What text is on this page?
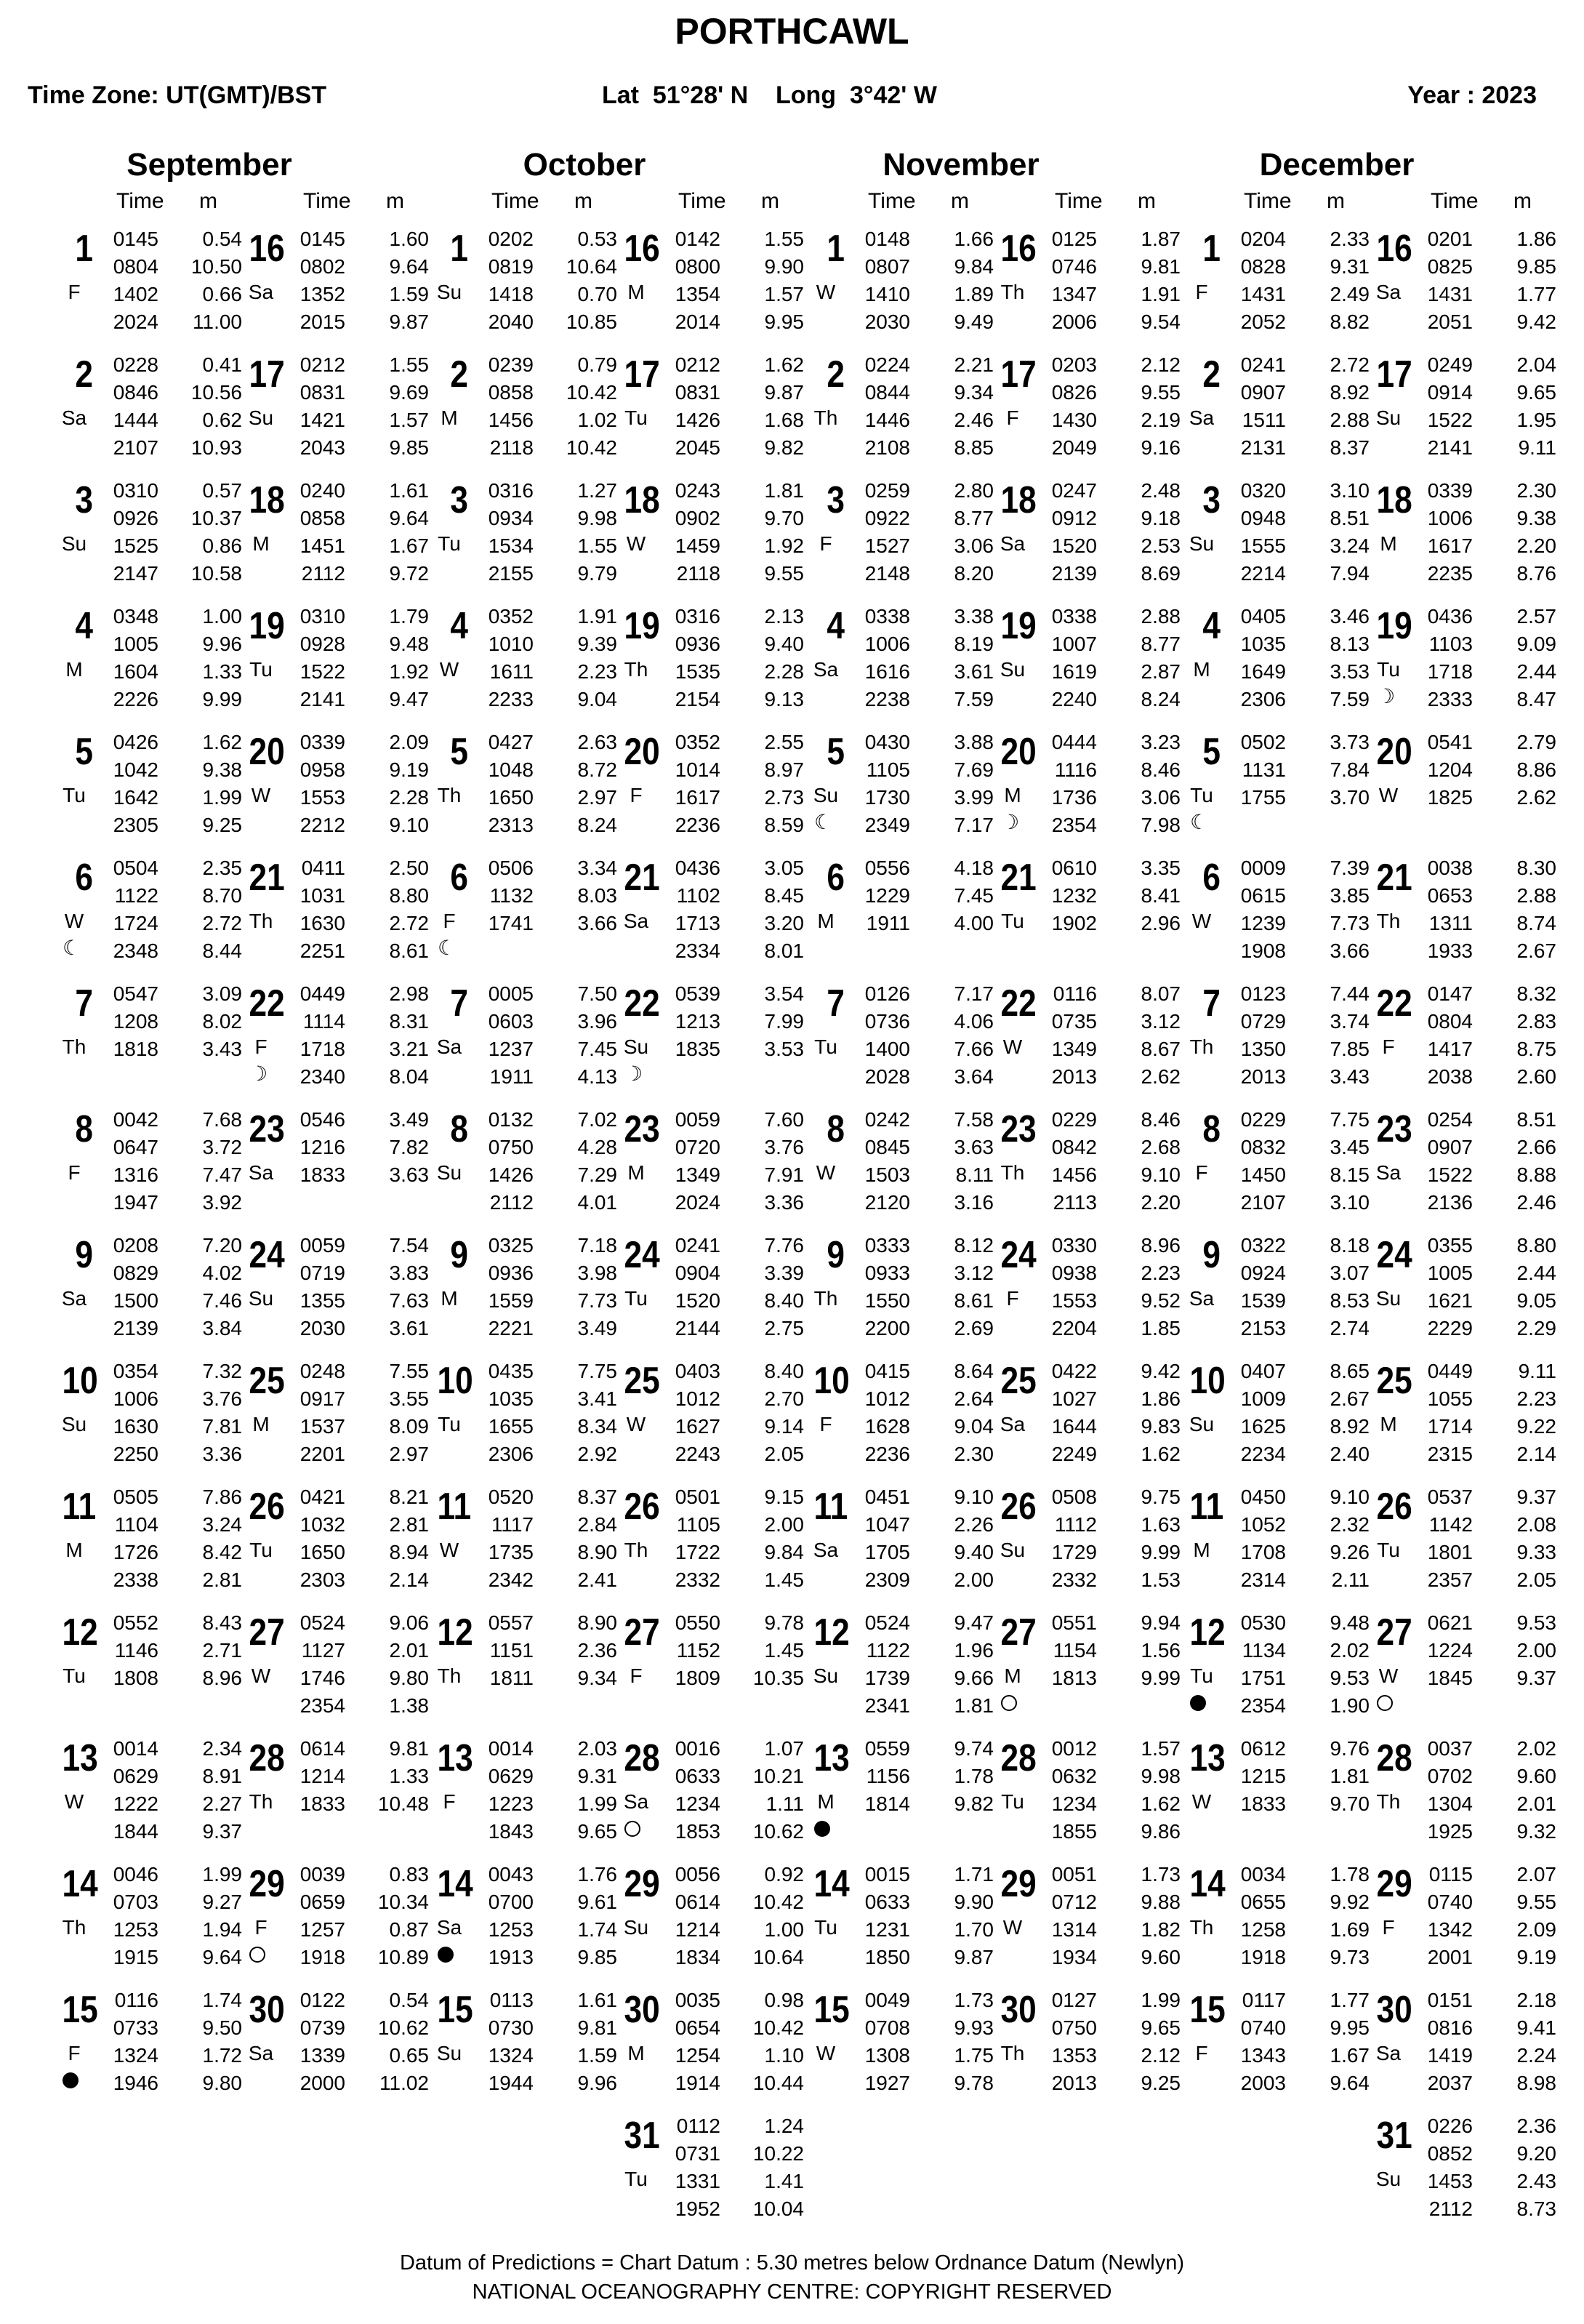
PORTHCAWL
Time Zone: UT(GMT)/BST	Lat  51°28' N    Long  3°42' W	Year : 2023
September
Time m	Time m
1
F
0145	0.54
0804	10.50
1402	0.66
2024	11.00
2
Sa
0228	0.41
0846	10.56
1444	0.62
2107	10.93
3
Su
0310	0.57
0926	10.37
1525	0.86
2147	10.58
4
M
0348	1.00
1005	9.96
1604	1.33
2226	9.99
5
Tu
0426	1.62
1042	9.38
1642	1.99
2305	9.25
6
W
☾
0504	2.35
1122	8.70
1724	2.72
2348	8.44
7
Th
0547	3.09
1208	8.02
1818	3.43
8
F
0042	7.68
0647	3.72
1316	7.47
1947	3.92
9
Sa
0208	7.20
0829	4.02
1500	7.46
2139	3.84
10
Su
0354	7.32
1006	3.76
1630	7.81
2250	3.36
11
M
0505	7.86
1104	3.24
1726	8.42
2338	2.81
12
Tu
0552	8.43
1146	2.71
1808	8.96
13
W
0014	2.34
0629	8.91
1222	2.27
1844	9.37
14
Th
0046	1.99
0703	9.27
1253	1.94
1915	9.64
15
F
0116	1.74
0733	9.50
1324	1.72
1946	9.80
16
Sa
0145	1.60
0802	9.64
1352	1.59
2015	9.87
17
Su
0212	1.55
0831	9.69
1421	1.57
2043	9.85
18
M
0240	1.61
0858	9.64
1451	1.67
2112	9.72
19
Tu
0310	1.79
0928	9.48
1522	1.92
2141	9.47
20
W
0339	2.09
0958	9.19
1553	2.28
2212	9.10
21
Th
0411	2.50
1031	8.80
1630	2.72
2251	8.61
22
F
☽
0449	2.98
1114	8.31
1718	3.21
2340	8.04
23
Sa
0546	3.49
1216	7.82
1833	3.63
24
Su
0059	7.54
0719	3.83
1355	7.63
2030	3.61
25
M
0248	7.55
0917	3.55
1537	8.09
2201	2.97
26
Tu
0421	8.21
1032	2.81
1650	8.94
2303	2.14
27
W
0524	9.06
1127	2.01
1746	9.80
2354	1.38
28
Th
0614	9.81
1214	1.33
1833	10.48
29
F
0039	0.83
0659	10.34
1257	0.87
1918	10.89
30
Sa
0122	0.54
0739	10.62
1339	0.65
2000	11.02
October
Time m	Time m
1
Su
0202	0.53
0819	10.64
1418	0.70
2040	10.85
2
M
0239	0.79
0858	10.42
1456	1.02
2118	10.42
3
Tu
0316	1.27
0934	9.98
1534	1.55
2155	9.79
4
W
0352	1.91
1010	9.39
1611	2.23
2233	9.04
5
Th
0427	2.63
1048	8.72
1650	2.97
2313	8.24
6
F
☾
0506	3.34
1132	8.03
1741	3.66
7
Sa
0005	7.50
0603	3.96
1237	7.45
1911	4.13
8
Su
0132	7.02
0750	4.28
1426	7.29
2112	4.01
9
M
0325	7.18
0936	3.98
1559	7.73
2221	3.49
10
Tu
0435	7.75
1035	3.41
1655	8.34
2306	2.92
11
W
0520	8.37
1117	2.84
1735	8.90
2342	2.41
12
Th
0557	8.90
1151	2.36
1811	9.34
13
F
0014	2.03
0629	9.31
1223	1.99
1843	9.65
14
Sa
0043	1.76
0700	9.61
1253	1.74
1913	9.85
15
Su
0113	1.61
0730	9.81
1324	1.59
1944	9.96
16
M
0142	1.55
0800	9.90
1354	1.57
2014	9.95
17
Tu
0212	1.62
0831	9.87
1426	1.68
2045	9.82
18
W
0243	1.81
0902	9.70
1459	1.92
2118	9.55
19
Th
0316	2.13
0936	9.40
1535	2.28
2154	9.13
20
F
0352	2.55
1014	8.97
1617	2.73
2236	8.59
21
Sa
0436	3.05
1102	8.45
1713	3.20
2334	8.01
22
Su
☽
0539	3.54
1213	7.99
1835	3.53
23
M
0059	7.60
0720	3.76
1349	7.91
2024	3.36
24
Tu
0241	7.76
0904	3.39
1520	8.40
2144	2.75
25
W
0403	8.40
1012	2.70
1627	9.14
2243	2.05
26
Th
0501	9.15
1105	2.00
1722	9.84
2332	1.45
27
F
0550	9.78
1152	1.45
1809	10.35
28
Sa
0016	1.07
0633	10.21
1234	1.11
1853	10.62
29
Su
0056	0.92
0614	10.42
1214	1.00
1834	10.64
30
M
0035	0.98
0654	10.42
1254	1.10
1914	10.44
31
Tu
0112	1.24
0731	10.22
1331	1.41
1952	10.04
November
Time m	Time m
1
W
0148	1.66
0807	9.84
1410	1.89
2030	9.49
2
Th
0224	2.21
0844	9.34
1446	2.46
2108	8.85
3
F
0259	2.80
0922	8.77
1527	3.06
2148	8.20
4
Sa
0338	3.38
1006	8.19
1616	3.61
2238	7.59
5
Su
☾
0430	3.88
1105	7.69
1730	3.99
2349	7.17
6
M
0556	4.18
1229	7.45
1911	4.00
7
Tu
0126	7.17
0736	4.06
1400	7.66
2028	3.64
8
W
0242	7.58
0845	3.63
1503	8.11
2120	3.16
9
Th
0333	8.12
0933	3.12
1550	8.61
2200	2.69
10
F
0415	8.64
1012	2.64
1628	9.04
2236	2.30
11
Sa
0451	9.10
1047	2.26
1705	9.40
2309	2.00
12
Su
0524	9.47
1122	1.96
1739	9.66
2341	1.81
13
M
0559	9.74
1156	1.78
1814	9.82
14
Tu
0015	1.71
0633	9.90
1231	1.70
1850	9.87
15
W
0049	1.73
0708	9.93
1308	1.75
1927	9.78
16
Th
0125	1.87
0746	9.81
1347	1.91
2006	9.54
17
F
0203	2.12
0826	9.55
1430	2.19
2049	9.16
18
Sa
0247	2.48
0912	9.18
1520	2.53
2139	8.69
19
Su
0338	2.88
1007	8.77
1619	2.87
2240	8.24
20
M
☽
0444	3.23
1116	8.46
1736	3.06
2354	7.98
21
Tu
0610	3.35
1232	8.41
1902	2.96
22
W
0116	8.07
0735	3.12
1349	8.67
2013	2.62
23
Th
0229	8.46
0842	2.68
1456	9.10
2113	2.20
24
F
0330	8.96
0938	2.23
1553	9.52
2204	1.85
25
Sa
0422	9.42
1027	1.86
1644	9.83
2249	1.62
26
Su
0508	9.75
1112	1.63
1729	9.99
2332	1.53
27
M
0551	9.94
1154	1.56
1813	9.99
28
Tu
0012	1.57
0632	9.98
1234	1.62
1855	9.86
29
W
0051	1.73
0712	9.88
1314	1.82
1934	9.60
30
Th
0127	1.99
0750	9.65
1353	2.12
2013	9.25
December
Time m	Time m
1
F
0204	2.33
0828	9.31
1431	2.49
2052	8.82
2
Sa
0241	2.72
0907	8.92
1511	2.88
2131	8.37
3
Su
0320	3.10
0948	8.51
1555	3.24
2214	7.94
4
M
0405	3.46
1035	8.13
1649	3.53
2306	7.59
5
Tu
☾
0502	3.73
1131	7.84
1755	3.70
6
W
0009	7.39
0615	3.85
1239	7.73
1908	3.66
7
Th
0123	7.44
0729	3.74
1350	7.85
2013	3.43
8
F
0229	7.75
0832	3.45
1450	8.15
2107	3.10
9
Sa
0322	8.18
0924	3.07
1539	8.53
2153	2.74
10
Su
0407	8.65
1009	2.67
1625	8.92
2234	2.40
11
M
0450	9.10
1052	2.32
1708	9.26
2314	2.11
12
Tu
0530	9.48
1134	2.02
1751	9.53
2354	1.90
13
W
0612	9.76
1215	1.81
1833	9.70
14
Th
0034	1.78
0655	9.92
1258	1.69
1918	9.73
15
F
0117	1.77
0740	9.95
1343	1.67
2003	9.64
16
Sa
0201	1.86
0825	9.85
1431	1.77
2051	9.42
17
Su
0249	2.04
0914	9.65
1522	1.95
2141	9.11
18
M
0339	2.30
1006	9.38
1617	2.20
2235	8.76
19
Tu
☽
0436	2.57
1103	9.09
1718	2.44
2333	8.47
20
W
0541	2.79
1204	8.86
1825	2.62
21
Th
0038	8.30
0653	2.88
1311	8.74
1933	2.67
22
F
0147	8.32
0804	2.83
1417	8.75
2038	2.60
23
Sa
0254	8.51
0907	2.66
1522	8.88
2136	2.46
24
Su
0355	8.80
1005	2.44
1621	9.05
2229	2.29
25
M
0449	9.11
1055	2.23
1714	9.22
2315	2.14
26
Tu
0537	9.37
1142	2.08
1801	9.33
2357	2.05
27
W
0621	9.53
1224	2.00
1845	9.37
28
Th
0037	2.02
0702	9.60
1304	2.01
1925	9.32
29
F
0115	2.07
0740	9.55
1342	2.09
2001	9.19
30
Sa
0151	2.18
0816	9.41
1419	2.24
2037	8.98
31
Su
0226	2.36
0852	9.20
1453	2.43
2112	8.73
Datum of Predictions = Chart Datum : 5.30 metres below Ordnance Datum (Newlyn)
NATIONAL OCEANOGRAPHY CENTRE: COPYRIGHT RESERVED
